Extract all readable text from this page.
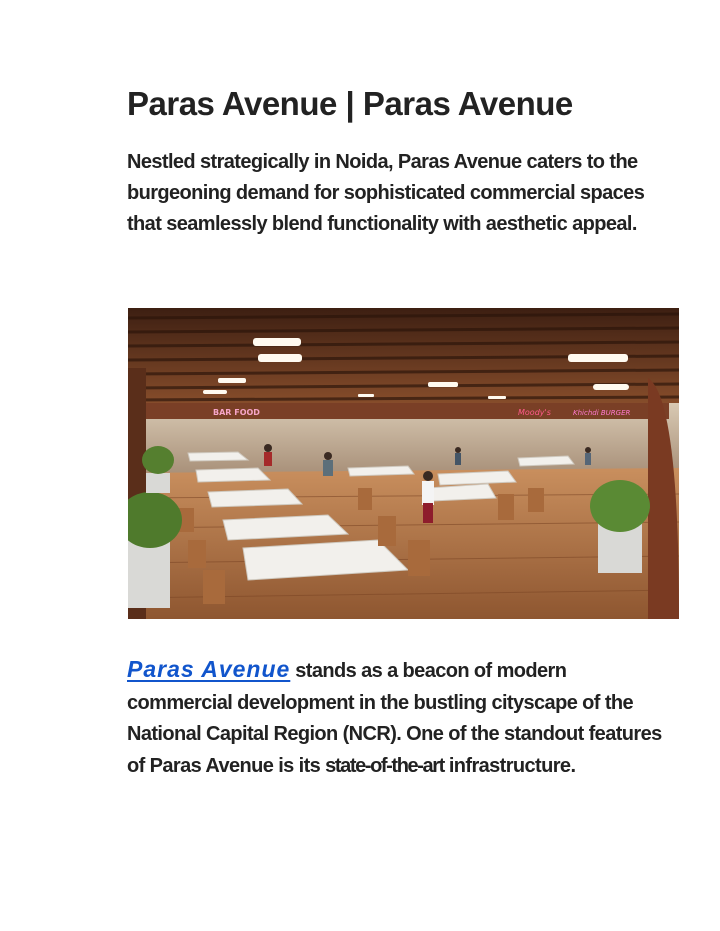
Paras Avenue | Paras Avenue

Nestled strategically in Noida, Paras Avenue caters to the burgeoning demand for sophisticated commercial spaces that seamlessly blend functionality with aesthetic appeal.

BAR FOOD	Moody's	Khichdi BURGER

Paras Avenue stands as a beacon of modern commercial development in the bustling cityscape of the National Capital Region (NCR). One of the standout features of Paras Avenue is its state-of-the-art infrastructure.
